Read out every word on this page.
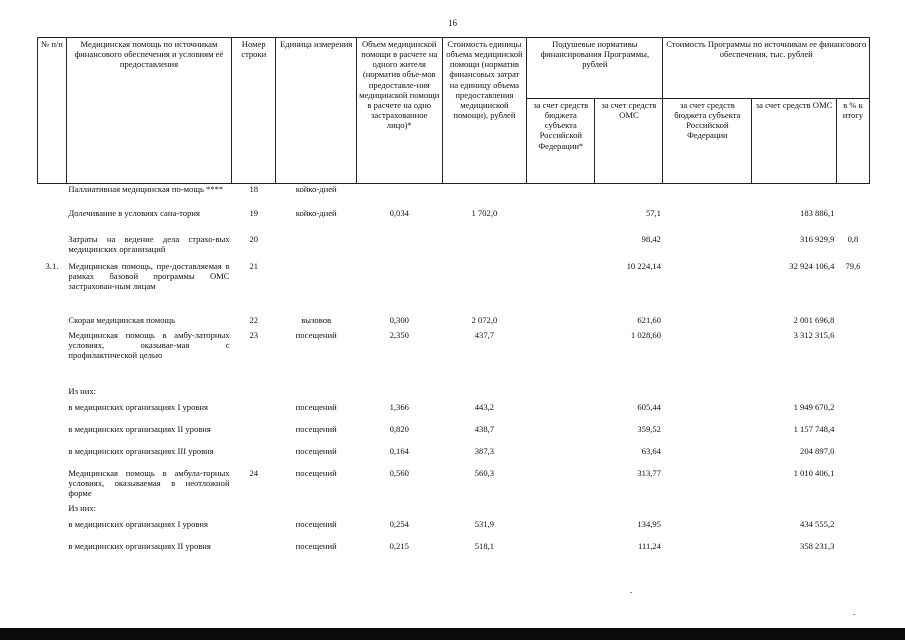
16
№ п/п	Медицинская помощь по источникам финансового обеспечения и условиям её предоставления	Номер строки	Единица измерения	Объем медицинской помощи в расчете на одного жителя (норматив объе-мов предоставле-ния медицинской помощи в расчете на одно застрахованное лицо)*	Стоимость единицы объема медицинской помощи (норматив финансовых затрат на единицу объема предоставления медицинской помощи), рублей	Подушевые нормативы финансирования Программы, рублей		Стоимость Программы по источникам ее финансового обеспечения, тыс. рублей		
						за счет средств бюджета субъекта Российской Федерации*	за счет средств ОМС	за счет средств бюджета субъекта Российской Федерации	за счет средств ОМС	в % к итогу
	Паллиативная медицинская по-мощь ****	18	койко-дней							
	Долечивание в условиях сана-тория	19	койко-дней	0,034	1 702,0		57,1		183 886,1	
	Затраты на ведение дела страхо-вых медицинских организаций	20					98,42		316 929,9	0,8
3.1.	Медицинская помощь, пре-доставляемая в рамках базовой программы ОМС застрахован-ным лицам	21					10 224,14		32 924 106,4	79,6
	Скорая медицинская помощь	22	вызовов	0,300	2 072,0		621,60		2 001 696,8	
	Медицинская помощь в амбу-латорных условиях, оказывае-мая с профилактической целью	23	посещений	2,350	437,7		1 028,60		3 312 315,6	
	Из них:									
	в медицинских организациях I уровня		посещений	1,366	443,2		605,44		1 949 670,2	
	в медицинских организациях II уровня		посещений	0,820	438,7		359,52		1 157 748,4	
	в медицинских организациях III уровня		посещений	0,164	387,3		63,64		204 897,0	
	Медицинская помощь в амбула-торных условиях, оказываемая в неотложной форме	24	посещений	0,560	560,3		313,77		1 010 406,1	
	Из них:									
	в медицинских организациях I уровня		посещений	0,254	531,9		134,95		434 555,2	
	в медицинских организациях II уровня		посещений	0,215	518,1		111,24		358 231,3	
